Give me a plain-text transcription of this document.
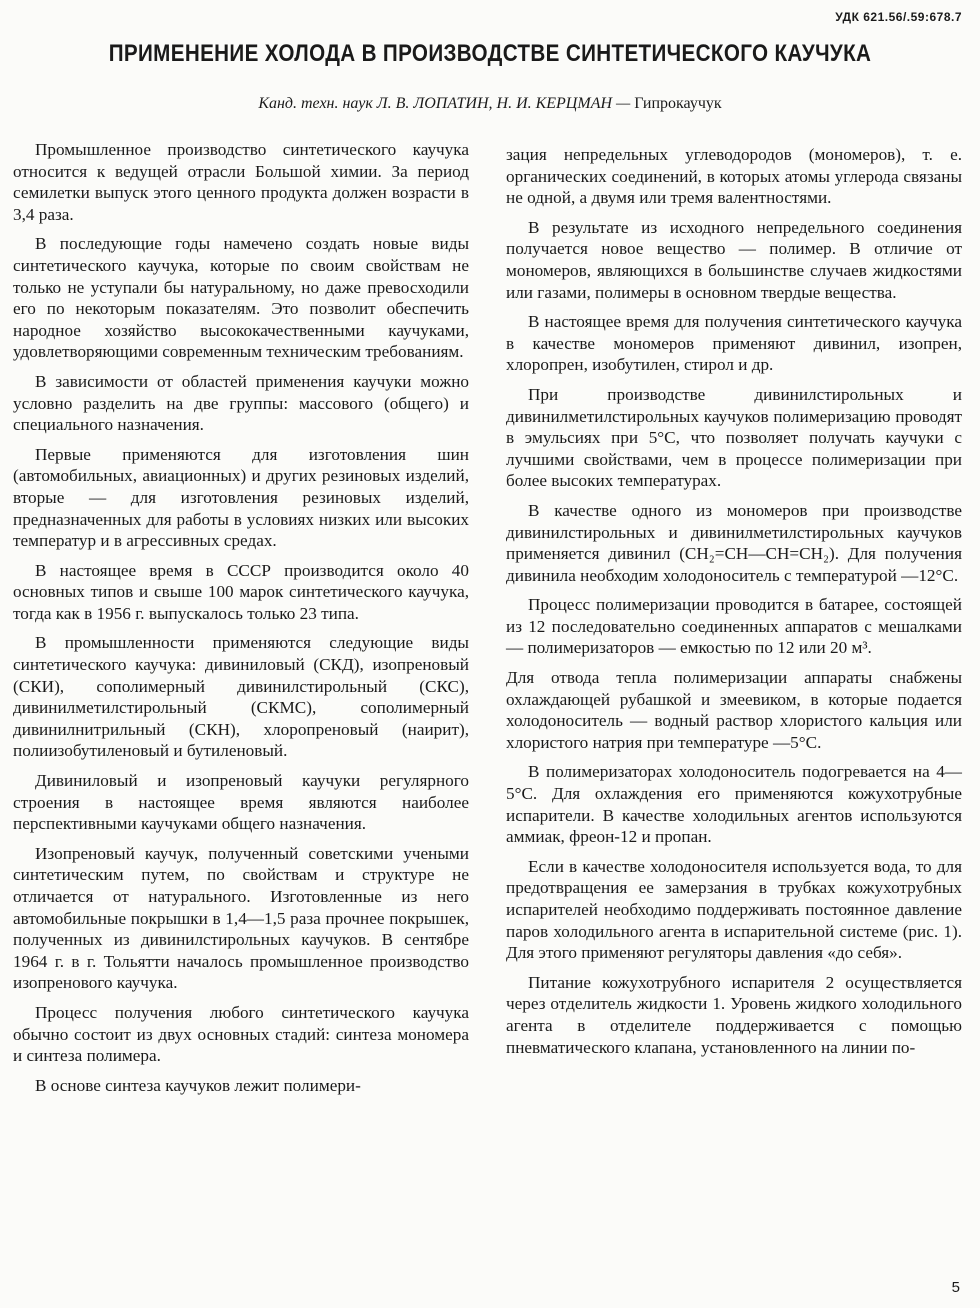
УДК 621.56/.59:678.7
ПРИМЕНЕНИЕ ХОЛОДА В ПРОИЗВОДСТВЕ СИНТЕТИЧЕСКОГО КАУЧУКА
Канд. техн. наук Л. В. ЛОПАТИН, Н. И. КЕРЦМАН — Гипрокаучук

Промышленное производство синтетического каучука относится к ведущей отрасли Большой химии. За период семилетки выпуск этого ценного продукта должен возрасти в 3,4 раза.

В последующие годы намечено создать новые виды синтетического каучука, которые по своим свойствам не только не уступали бы натуральному, но даже превосходили его по некоторым показателям. Это позволит обеспечить народное хозяйство высококачественными каучуками, удовлетворяющими современным техническим требованиям.

В зависимости от областей применения каучуки можно условно разделить на две группы: массового (общего) и специального назначения.

Первые применяются для изготовления шин (автомобильных, авиационных) и других резиновых изделий, вторые — для изготовления резиновых изделий, предназначенных для работы в условиях низких или высоких температур и в агрессивных средах.

В настоящее время в СССР производится около 40 основных типов и свыше 100 марок синтетического каучука, тогда как в 1956 г. выпускалось только 23 типа.

В промышленности применяются следующие виды синтетического каучука: дивиниловый (СКД), изопреновый (СКИ), сополимерный дивинилстирольный (СКС), дивинилметилстирольный (СКМС), сополимерный дивинилнитрильный (СКН), хлоропреновый (наирит), полиизобутиленовый и бутиленовый.

Дивиниловый и изопреновый каучуки регулярного строения в настоящее время являются наиболее перспективными каучуками общего назначения.

Изопреновый каучук, полученный советскими учеными синтетическим путем, по свойствам и структуре не отличается от натурального. Изготовленные из него автомобильные покрышки в 1,4—1,5 раза прочнее покрышек, полученных из дивинилстирольных каучуков. В сентябре 1964 г. в г. Тольятти началось промышленное производство изопренового каучука.

Процесс получения любого синтетического каучука обычно состоит из двух основных стадий: синтеза мономера и синтеза полимера.

В основе синтеза каучуков лежит полимери-

зация непредельных углеводородов (мономеров), т. е. органических соединений, в которых атомы углерода связаны не одной, а двумя или тремя валентностями.

В результате из исходного непредельного соединения получается новое вещество — полимер. В отличие от мономеров, являющихся в большинстве случаев жидкостями или газами, полимеры в основном твердые вещества.

В настоящее время для получения синтетического каучука в качестве мономеров применяют дивинил, изопрен, хлоропрен, изобутилен, стирол и др.

При производстве дивинилстирольных и дивинилметилстирольных каучуков полимеризацию проводят в эмульсиях при 5°С, что позволяет получать каучуки с лучшими свойствами, чем в процессе полимеризации при более высоких температурах.

В качестве одного из мономеров при производстве дивинилстирольных и дивинилметилстирольных каучуков применяется дивинил (CH₂=CH—CH=CH₂). Для получения дивинила необходим холодоноситель с температурой —12°С.

Процесс полимеризации проводится в батарее, состоящей из 12 последовательно соединенных аппаратов с мешалками — полимеризаторов — емкостью по 12 или 20 м³.

Для отвода тепла полимеризации аппараты снабжены охлаждающей рубашкой и змеевиком, в которые подается холодоноситель — водный раствор хлористого кальция или хлористого натрия при температуре —5°С.

В полимеризаторах холодоноситель подогревается на 4—5°С. Для охлаждения его применяются кожухотрубные испарители. В качестве холодильных агентов используются аммиак, фреон-12 и пропан.

Если в качестве холодоносителя используется вода, то для предотвращения ее замерзания в трубках кожухотрубных испарителей необходимо поддерживать постоянное давление паров холодильного агента в испарительной системе (рис. 1). Для этого применяют регуляторы давления «до себя».

Питание кожухотрубного испарителя 2 осуществляется через отделитель жидкости 1. Уровень жидкого холодильного агента в отделителе поддерживается с помощью пневматического клапана, установленного на линии по-

5
